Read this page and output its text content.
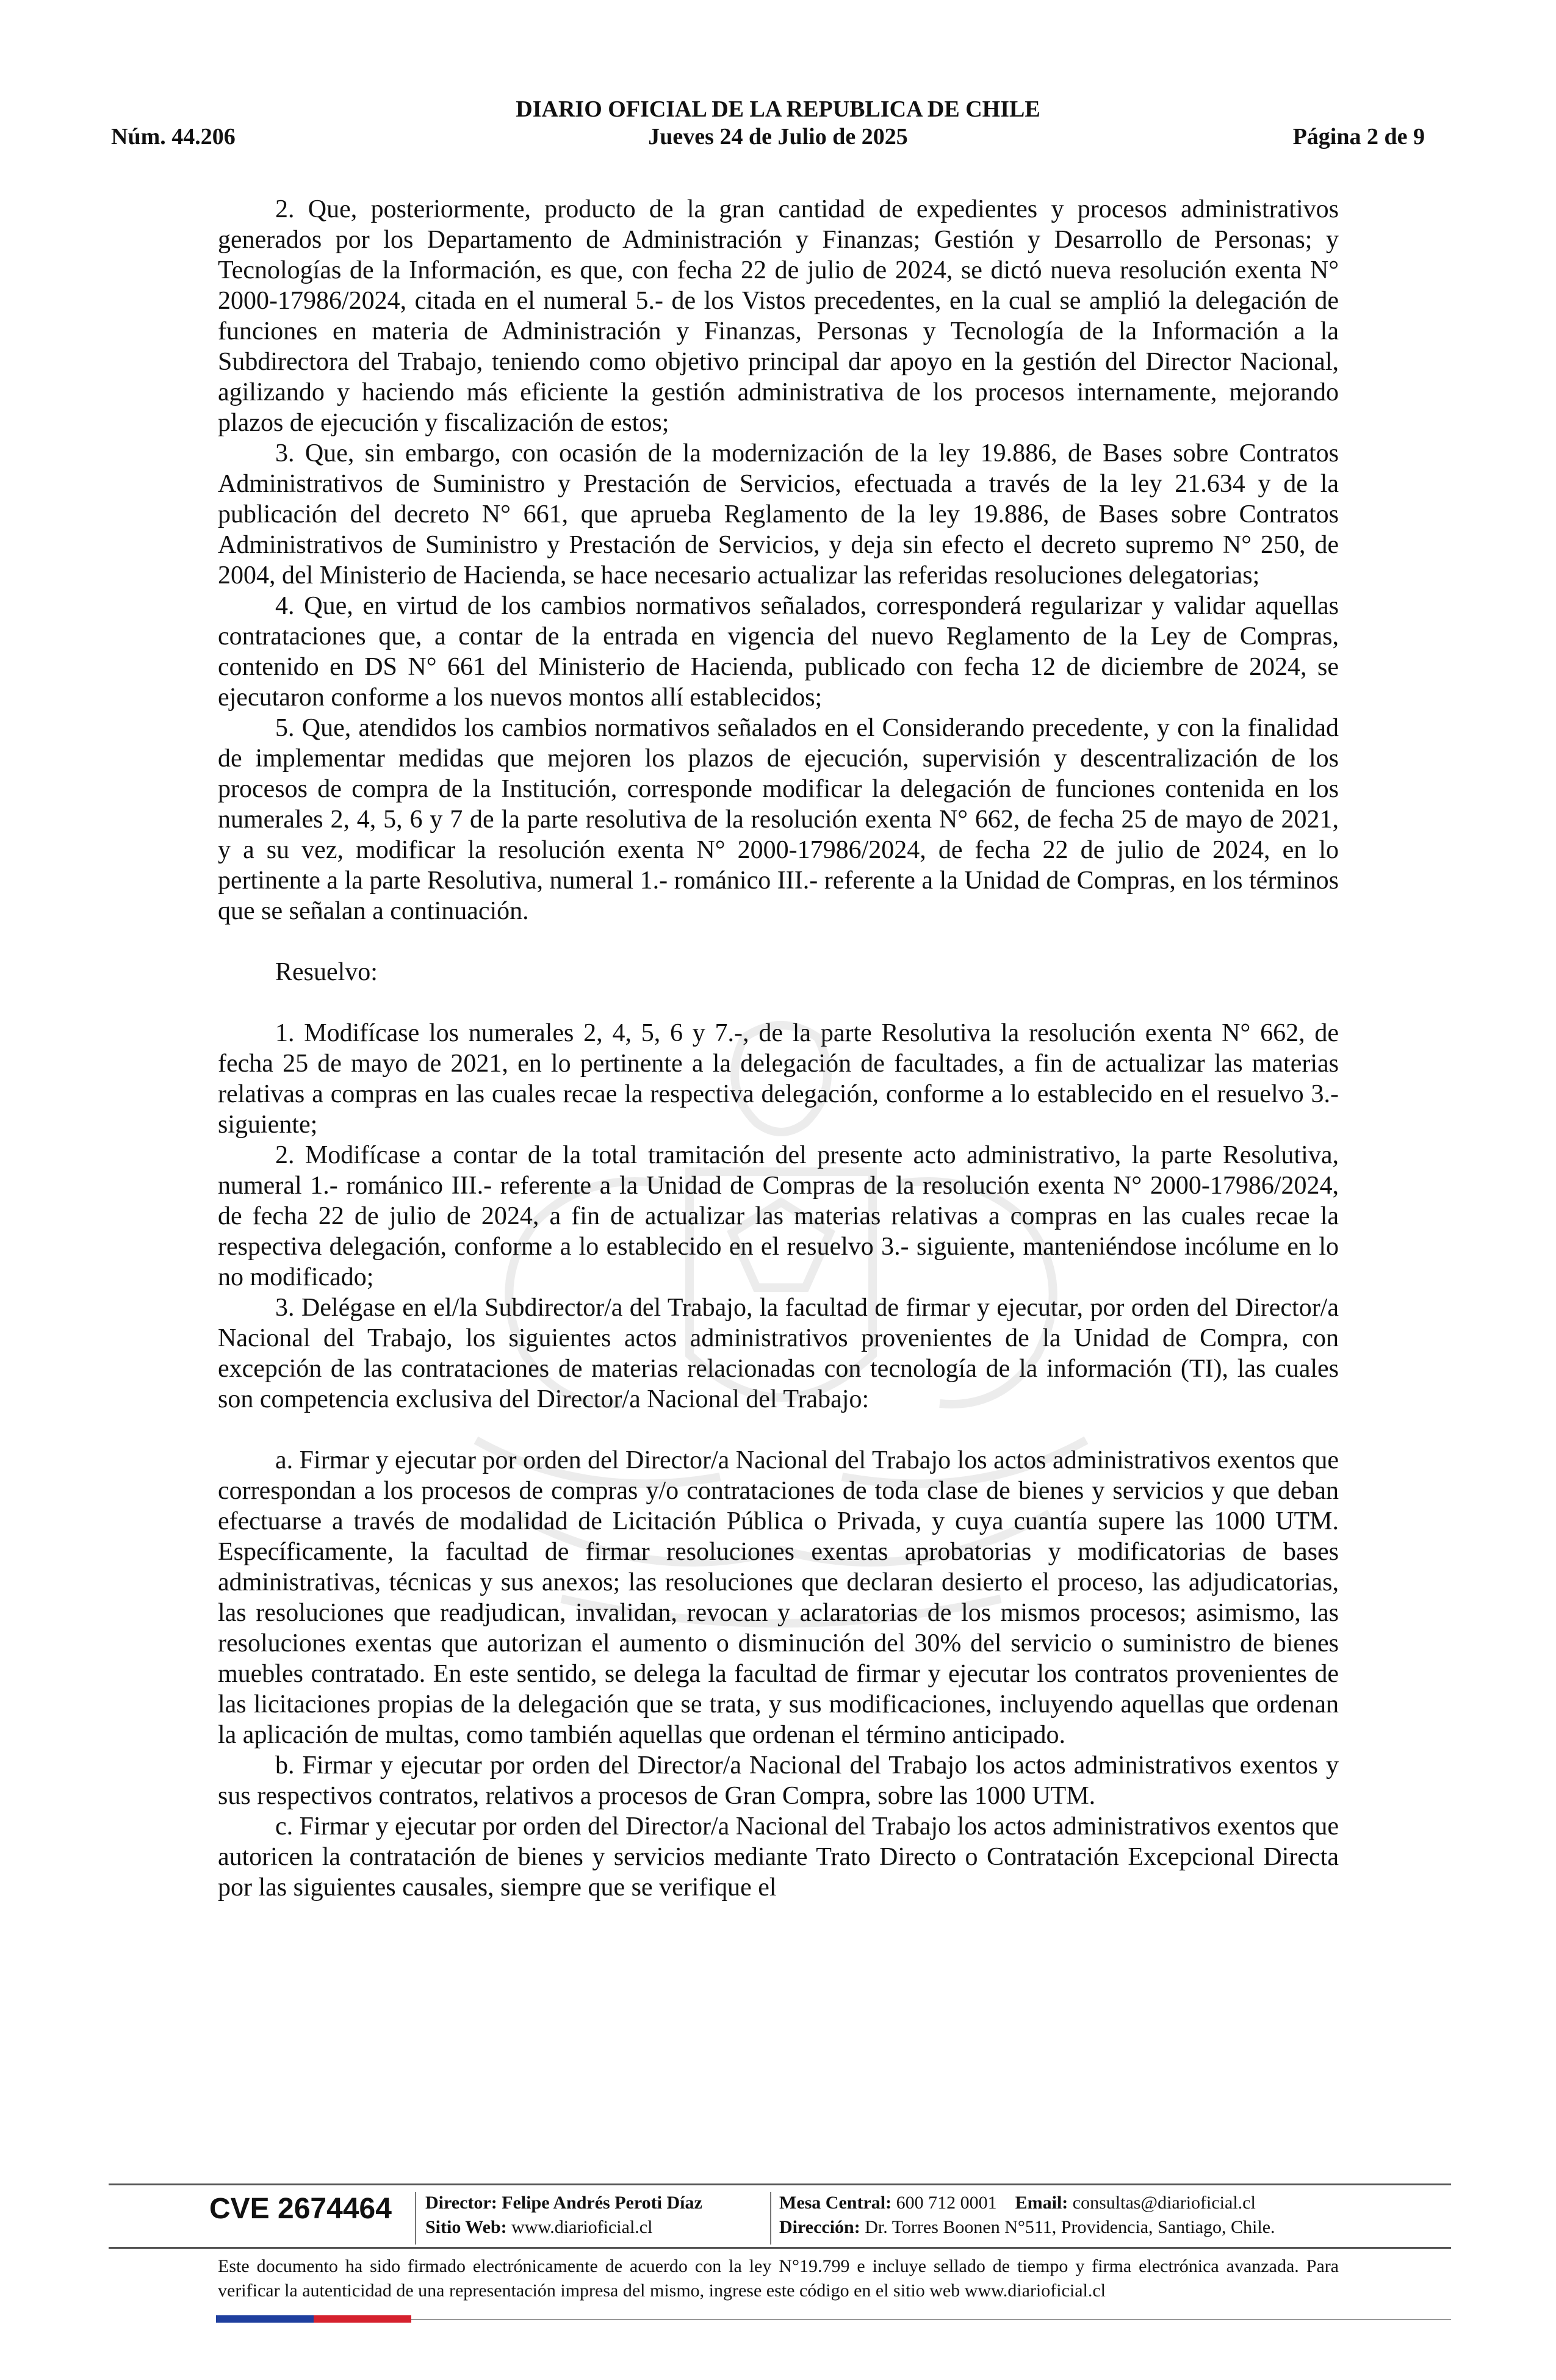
DIARIO OFICIAL DE LA REPUBLICA DE CHILE
Núm. 44.206	Jueves 24 de Julio de 2025	Página 2 de 9

2. Que, posteriormente, producto de la gran cantidad de expedientes y procesos administrativos generados por los Departamento de Administración y Finanzas; Gestión y Desarrollo de Personas; y Tecnologías de la Información, es que, con fecha 22 de julio de 2024, se dictó nueva resolución exenta N° 2000-17986/2024, citada en el numeral 5.- de los Vistos precedentes, en la cual se amplió la delegación de funciones en materia de Administración y Finanzas, Personas y Tecnología de la Información a la Subdirectora del Trabajo, teniendo como objetivo principal dar apoyo en la gestión del Director Nacional, agilizando y haciendo más eficiente la gestión administrativa de los procesos internamente, mejorando plazos de ejecución y fiscalización de estos;

3. Que, sin embargo, con ocasión de la modernización de la ley 19.886, de Bases sobre Contratos Administrativos de Suministro y Prestación de Servicios, efectuada a través de la ley 21.634 y de la publicación del decreto N° 661, que aprueba Reglamento de la ley 19.886, de Bases sobre Contratos Administrativos de Suministro y Prestación de Servicios, y deja sin efecto el decreto supremo N° 250, de 2004, del Ministerio de Hacienda, se hace necesario actualizar las referidas resoluciones delegatorias;

4. Que, en virtud de los cambios normativos señalados, corresponderá regularizar y validar aquellas contrataciones que, a contar de la entrada en vigencia del nuevo Reglamento de la Ley de Compras, contenido en DS N° 661 del Ministerio de Hacienda, publicado con fecha 12 de diciembre de 2024, se ejecutaron conforme a los nuevos montos allí establecidos;

5. Que, atendidos los cambios normativos señalados en el Considerando precedente, y con la finalidad de implementar medidas que mejoren los plazos de ejecución, supervisión y descentralización de los procesos de compra de la Institución, corresponde modificar la delegación de funciones contenida en los numerales 2, 4, 5, 6 y 7 de la parte resolutiva de la resolución exenta N° 662, de fecha 25 de mayo de 2021, y a su vez, modificar la resolución exenta N° 2000-17986/2024, de fecha 22 de julio de 2024, en lo pertinente a la parte Resolutiva, numeral 1.- románico III.- referente a la Unidad de Compras, en los términos que se señalan a continuación.

Resuelvo:

1. Modifícase los numerales 2, 4, 5, 6 y 7.-, de la parte Resolutiva la resolución exenta N° 662, de fecha 25 de mayo de 2021, en lo pertinente a la delegación de facultades, a fin de actualizar las materias relativas a compras en las cuales recae la respectiva delegación, conforme a lo establecido en el resuelvo 3.- siguiente;

2. Modifícase a contar de la total tramitación del presente acto administrativo, la parte Resolutiva, numeral 1.- románico III.- referente a la Unidad de Compras de la resolución exenta N° 2000-17986/2024, de fecha 22 de julio de 2024, a fin de actualizar las materias relativas a compras en las cuales recae la respectiva delegación, conforme a lo establecido en el resuelvo 3.- siguiente, manteniéndose incólume en lo no modificado;

3. Delégase en el/la Subdirector/a del Trabajo, la facultad de firmar y ejecutar, por orden del Director/a Nacional del Trabajo, los siguientes actos administrativos provenientes de la Unidad de Compra, con excepción de las contrataciones de materias relacionadas con tecnología de la información (TI), las cuales son competencia exclusiva del Director/a Nacional del Trabajo:

a. Firmar y ejecutar por orden del Director/a Nacional del Trabajo los actos administrativos exentos que correspondan a los procesos de compras y/o contrataciones de toda clase de bienes y servicios y que deban efectuarse a través de modalidad de Licitación Pública o Privada, y cuya cuantía supere las 1000 UTM. Específicamente, la facultad de firmar resoluciones exentas aprobatorias y modificatorias de bases administrativas, técnicas y sus anexos; las resoluciones que declaran desierto el proceso, las adjudicatorias, las resoluciones que readjudican, invalidan, revocan y aclaratorias de los mismos procesos; asimismo, las resoluciones exentas que autorizan el aumento o disminución del 30% del servicio o suministro de bienes muebles contratado. En este sentido, se delega la facultad de firmar y ejecutar los contratos provenientes de las licitaciones propias de la delegación que se trata, y sus modificaciones, incluyendo aquellas que ordenan la aplicación de multas, como también aquellas que ordenan el término anticipado.

b. Firmar y ejecutar por orden del Director/a Nacional del Trabajo los actos administrativos exentos y sus respectivos contratos, relativos a procesos de Gran Compra, sobre las 1000 UTM.

c. Firmar y ejecutar por orden del Director/a Nacional del Trabajo los actos administrativos exentos que autoricen la contratación de bienes y servicios mediante Trato Directo o Contratación Excepcional Directa por las siguientes causales, siempre que se verifique el

CVE 2674464 Director: Felipe Andrés Peroti Díaz
Sitio Web: www.diarioficial.cl
Mesa Central: 600 712 0001 Email: consultas@diarioficial.cl
Dirección: Dr. Torres Boonen N°511, Providencia, Santiago, Chile.
Este documento ha sido firmado electrónicamente de acuerdo con la ley N°19.799 e incluye sellado de tiempo y firma electrónica avanzada. Para verificar la autenticidad de una representación impresa del mismo, ingrese este código en el sitio web www.diarioficial.cl
